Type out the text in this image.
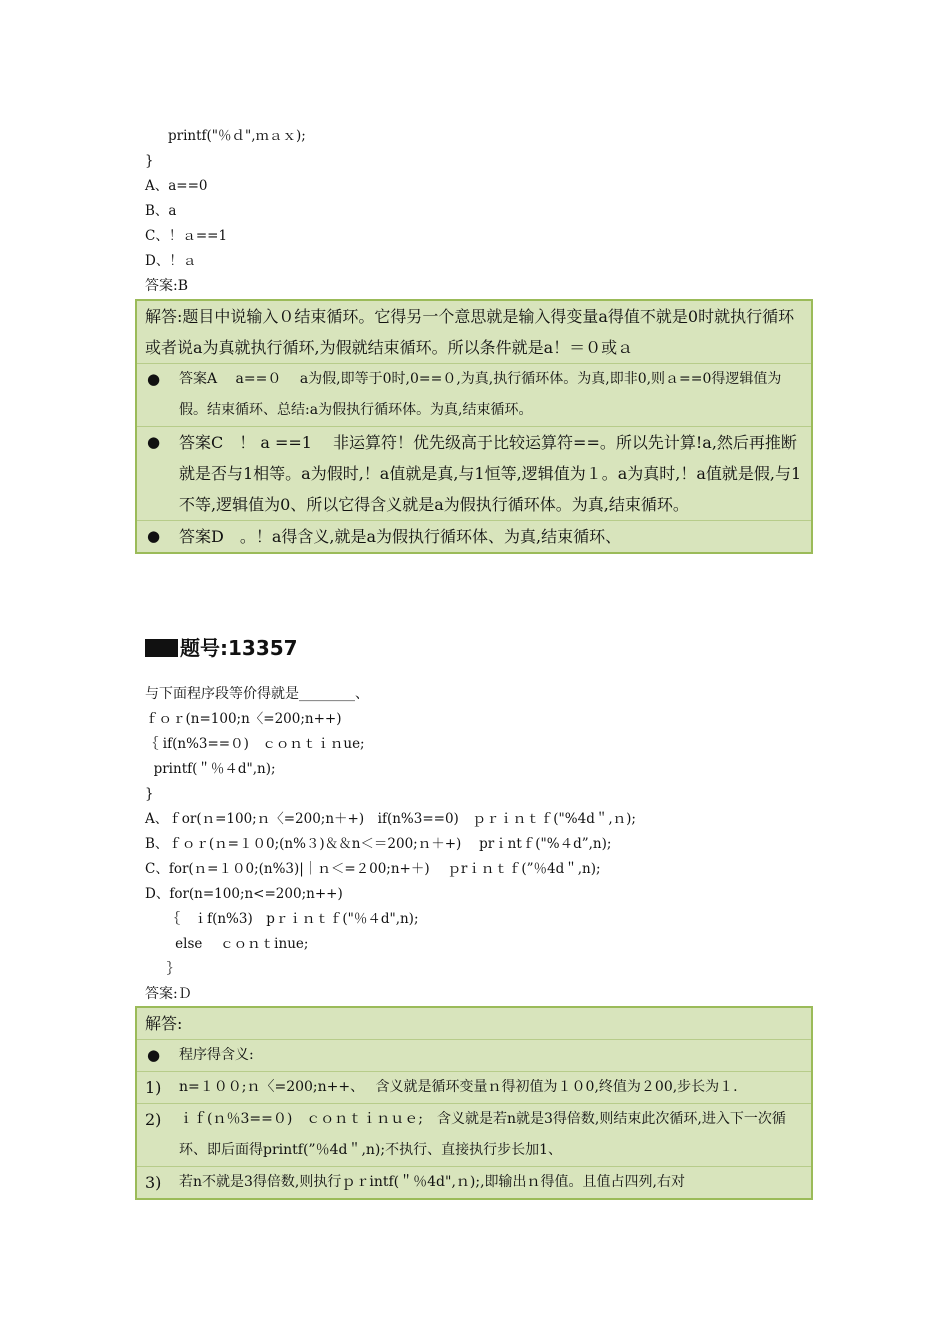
printf("％ｄ",ｍａｘ);
}
A、a==0
B、a
C、！ａ==1
D、！ａ
答案:B
解答:题目中说输入０结束循环。它得另一个意思就是输入得变量a得值不就是0时就执行循环或者说a为真就执行循环,为假就结束循环。所以条件就是a！＝０或ａ
●	答案A　 a==０　 a为假,即等于0时,0==０,为真,执行循环体。为真,即非0,则ａ==0得逻辑值为假。结束循环、总结:a为假执行循环体。为真,结束循环。
●	答案C　！ a ==1　 非运算符！优先级高于比较运算符==。所以先计算!a,然后再推断就是否与1相等。a为假时,！a值就是真,与1恒等,逻辑值为１。a为真时,！a值就是假,与1不等,逻辑值为0、所以它得含义就是a为假执行循环体。为真,结束循环。
●	答案D　。！a得含义,就是a为假执行循环体、为真,结束循环、
题号:13357
与下面程序段等价得就是________、
ｆｏｒ(n=100;n〈=200;n++)
｛ if(n%3==０)　ｃｏｎｔｉｎue;
printf(＂％４d",n);
}
A、ｆor(ｎ=100;ｎ〈=200;n＋+)　if(n%3==0)　ｐｒｉｎｔｆ("%4d＂,ｎ);
B、ｆｏｒ(ｎ=１０0;(n%３)＆＆n＜＝200;ｎ＋+)　 prｉntｆ("%４d”,n);
C、for(ｎ=１０0;(n%3)|｜ｎ＜=２00;n+＋)　 ｐrｉｎｔｆ(”％4d＂,n);
D、for(n=100;n<=200;n++)
｛　ｉf(n%3)　pｒｉｎｔｆ("％４d",n);
else　 ｃｏｎｔinue;
｝
答案:Ｄ
解答:
●	程序得含义:
1)	n=１００;ｎ〈=200;n++、　 含义就是循环变量ｎ得初值为１０0,终值为２00,步长为１.
2)	ｉｆ(ｎ％3==０)　ｃｏｎｔｉｎｕｅ;　含义就是若n就是3得倍数,则结束此次循环,进入下一次循环、即后面得printf(”％4d＂,n);不执行、直接执行步长加1、
3)	若n不就是3得倍数,则执行ｐｒintf(＂％4d",ｎ);,即输出ｎ得值。且值占四列,右对
